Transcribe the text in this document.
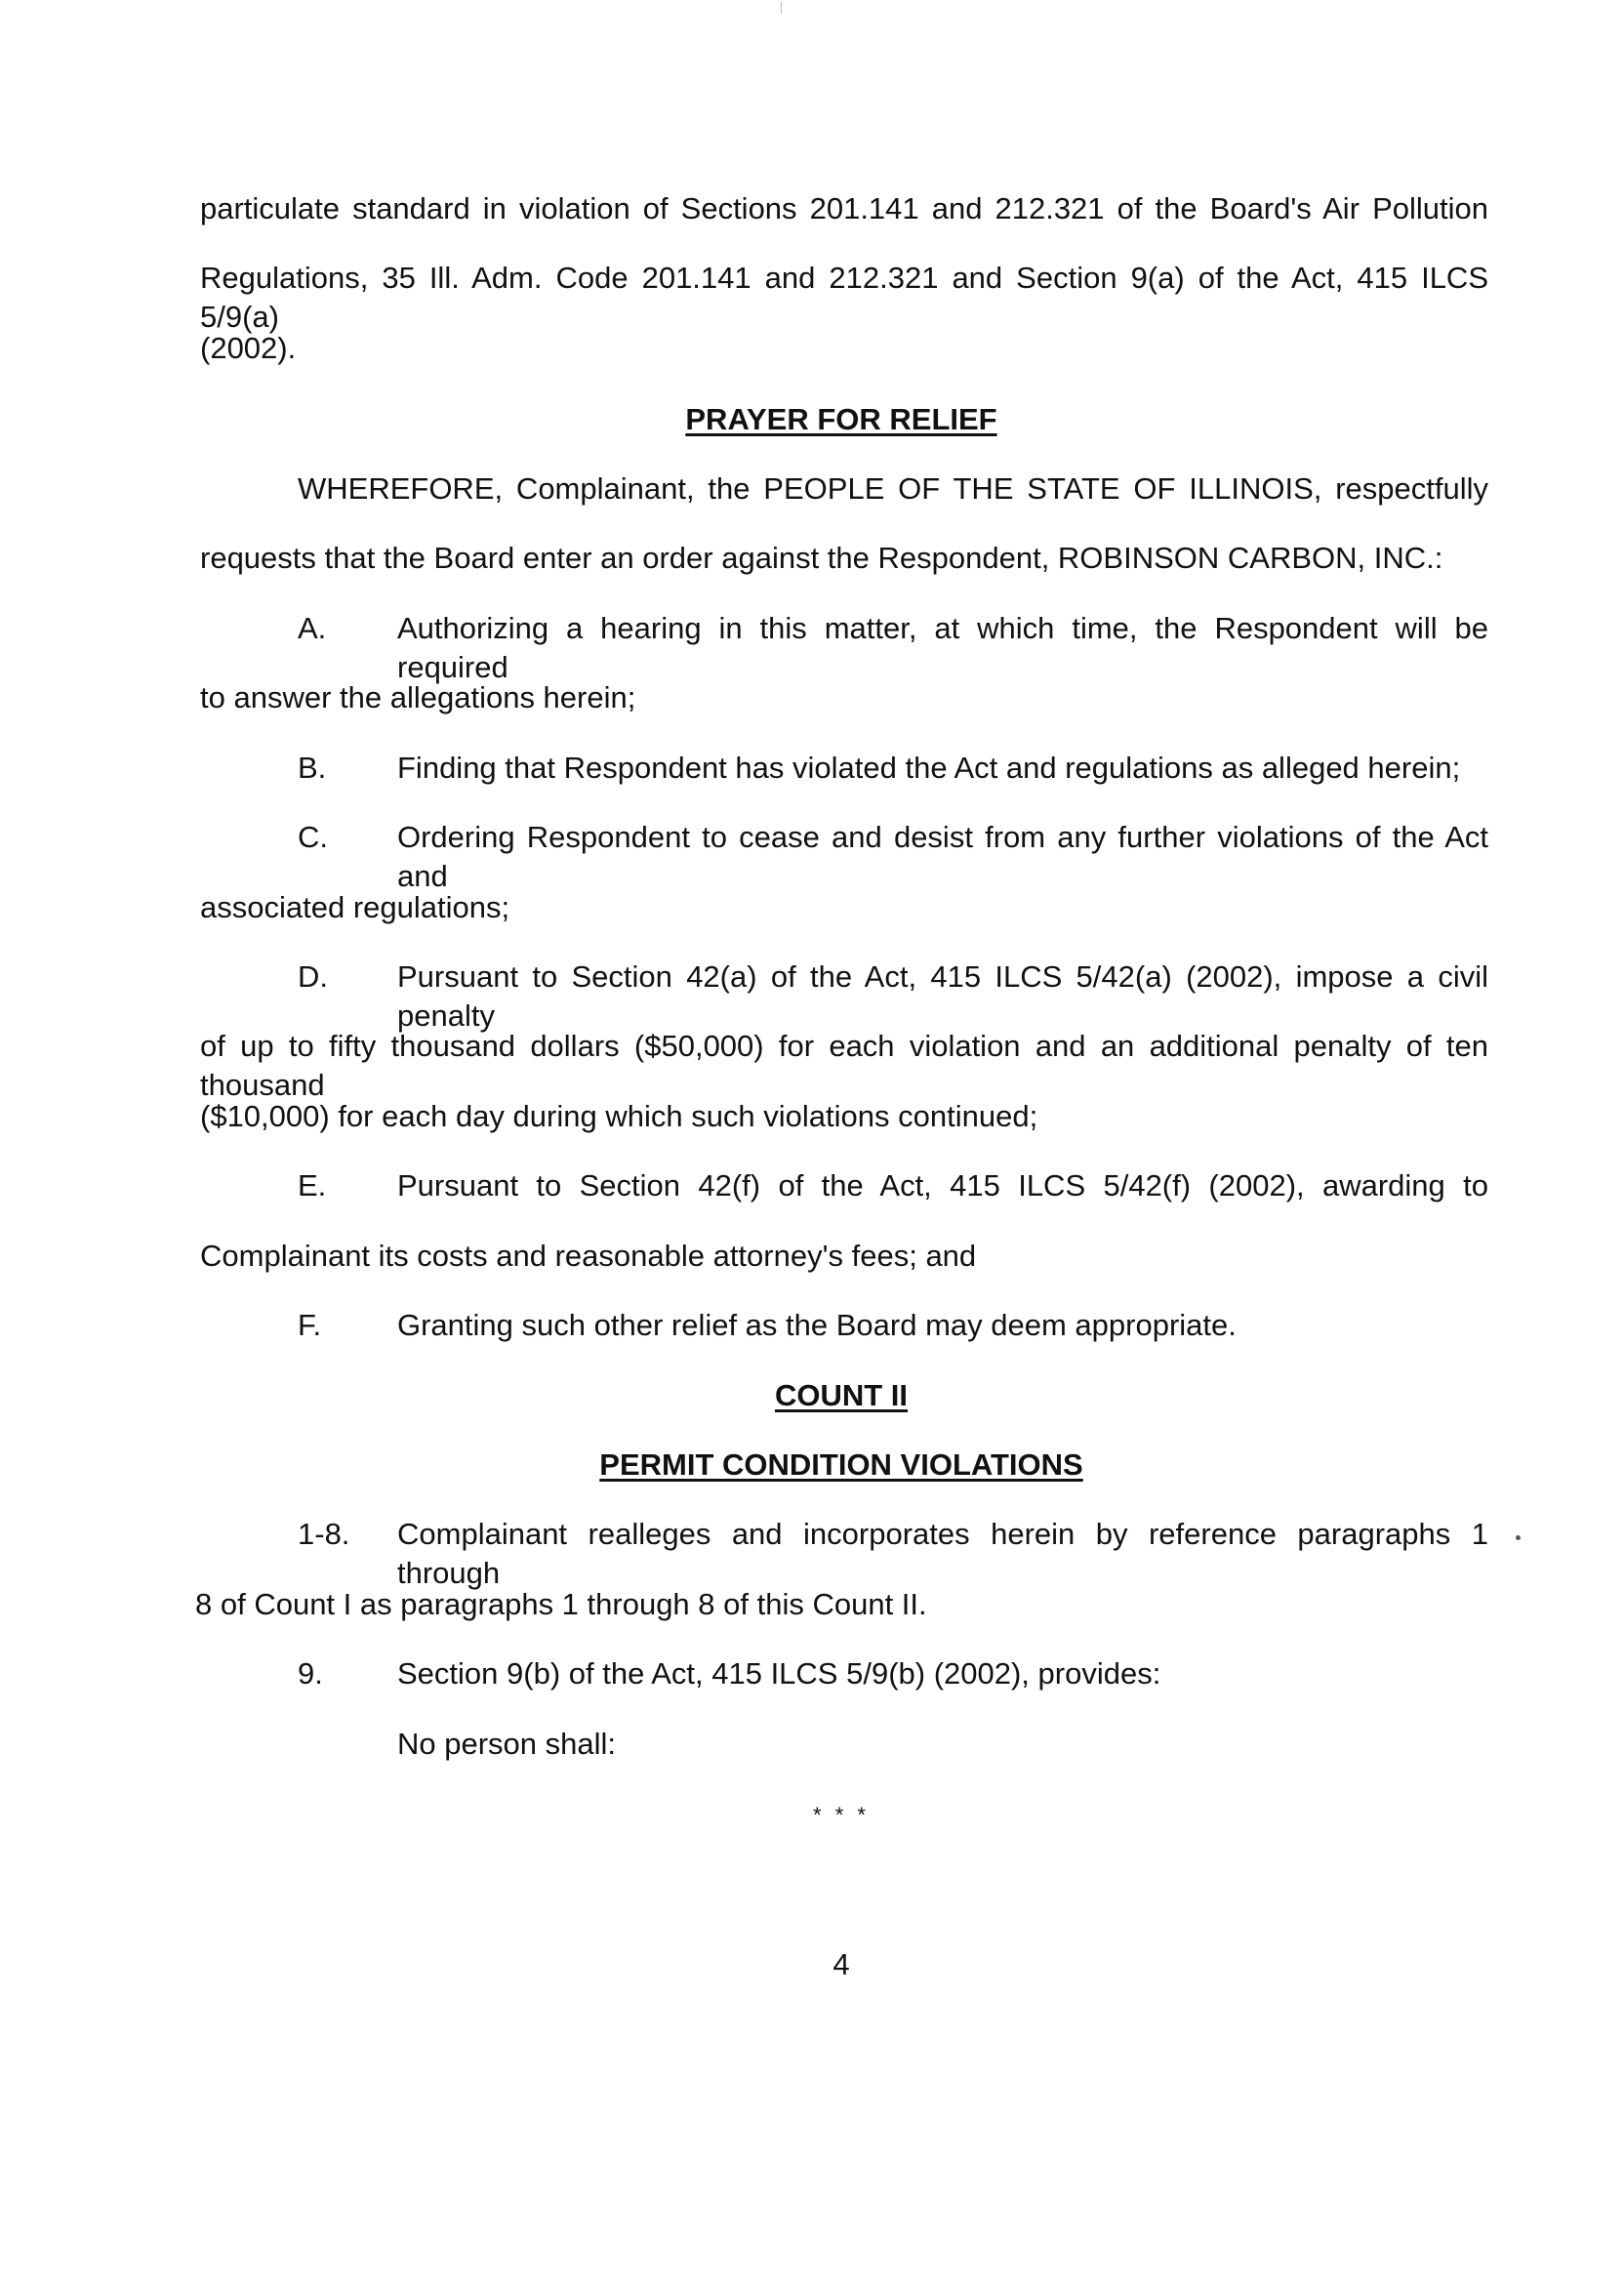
particulate standard in violation of Sections 201.141 and 212.321 of the Board's Air Pollution
Regulations, 35 Ill. Adm. Code 201.141 and 212.321 and Section 9(a) of the Act, 415 ILCS 5/9(a)
(2002).
PRAYER FOR RELIEF
WHEREFORE, Complainant, the PEOPLE OF THE STATE OF ILLINOIS, respectfully
requests that the Board enter an order against the Respondent, ROBINSON CARBON, INC.:
A. Authorizing a hearing in this matter, at which time, the Respondent will be required
to answer the allegations herein;
B. Finding that Respondent has violated the Act and regulations as alleged herein;
C. Ordering Respondent to cease and desist from any further violations of the Act and
associated regulations;
D. Pursuant to Section 42(a) of the Act, 415 ILCS 5/42(a) (2002), impose a civil penalty
of up to fifty thousand dollars ($50,000) for each violation and an additional penalty of ten thousand
($10,000) for each day during which such violations continued;
E. Pursuant to Section 42(f) of the Act, 415 ILCS 5/42(f) (2002), awarding to
Complainant its costs and reasonable attorney's fees; and
F.	Granting such other relief as the Board may deem appropriate.
COUNT II
PERMIT CONDITION VIOLATIONS
1-8. Complainant realleges and incorporates herein by reference paragraphs 1 through
8 of Count I as paragraphs 1 through 8 of this Count II.
9. Section 9(b) of the Act, 415 ILCS 5/9(b) (2002), provides:
No person shall:
* * *
4
